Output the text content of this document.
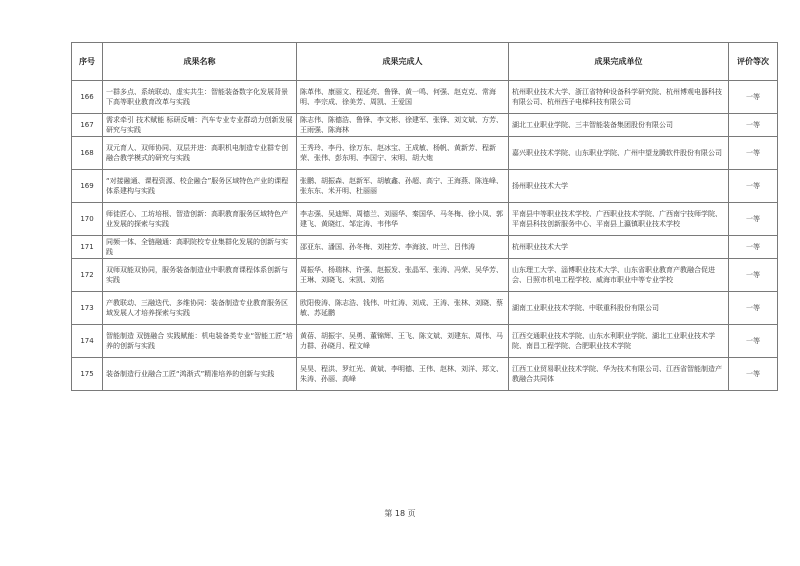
序号	成果名称	成果完成人	成果完成单位	评价等次
166	一群多点、系统联动、虚实共生：智能装备数字化发展背景下高等职业教育改革与实践	陈革伟、康丽文、程延亮、鲁锋、黄一鸣、何强、赵克克、常海明、李宗成、徐美芳、周凯、王爱国	杭州职业技术大学、浙江省特种设备科学研究院、杭州博观电器科技有限公司、杭州西子电梯科技有限公司	一等
167	需求牵引 技术赋能 标研反哺：汽车专业专业群动力创新发展研究与实践	陈志伟、陈德浩、鲁锋、李文彬、徐建军、张锋、刘文斌、方芳、王雨强、陈海林	湖北工业职业学院、三丰智能装备集团股份有限公司	一等
168	双元育人、双师协同、双层并进：高职机电制造专业群专创融合教学模式的研究与实践	王秀玲、李丹、徐万东、赵冰宝、王成敏、杨帆、黄新芳、程新荣、张伟、彭东明、李国宁、宋明、胡大炮	嘉兴职业技术学院、山东职业学院、广州中望龙腾软件股份有限公司	一等
169	“对接融通、课程资源、校企融合”服务区域特色产业的课程体系建构与实践	张鹏、胡振森、赵新军、胡敏鑫、孙超、高宁、王海燕、陈连峰、张东东、米开明、杜丽丽	扬州职业技术大学	一等
170	师徒匠心、工坊培根、智造创新：高职教育服务区域特色产业发展的探索与实践	李志强、吴迪辉、周德兰、刘丽华、秦国华、马冬梅、徐小凤、郭建飞、黄晓红、邹定涛、韦伟华	平南县中等职业技术学校、广西职业技术学院、广西南宁技师学院、平南县科技创新服务中心、平南县上瀛镇职业技术学校	一等
171	同频一体、全链融通：高职院校专业集群化发展的创新与实践	邵亚东、潘国、孙冬梅、刘桂芳、李海波、叶兰、吕伟涛	杭州职业技术大学	一等
172	双师双能双协同，服务装备制造业中职教育课程体系创新与实践	周振华、杨瑞林、许强、赵振发、张晶军、张涛、冯荣、吴华芳、王琳、刘晓飞、宋凯、刘铭	山东理工大学、淄博职业技术大学、山东省职业教育产教融合促进会、日照市机电工程学校、威海市职业中等专业学校	一等
173	产教联动、三融迭代、多维协同：装备制造专业教育服务区域发展人才培养探索与实践	欧阳俊涛、陈志浩、钱伟、叶红涛、刘成、王涛、张林、刘晓、蔡敏、苏延鹏	湖南工业职业技术学院、中联重科股份有限公司	一等
174	智能制造 双链融合 实践赋能：机电装备类专业“智能工匠”培养的创新与实践	黄蓓、胡振宇、吴勇、董锦辉、王飞、陈文斌、刘建东、周伟、马力群、孙晓月、程文峰	江西交通职业技术学院、山东水利职业学院、湖北工业职业技术学院、南昌工程学院、合肥职业技术学院	一等
175	装备制造行业融合工匠“鸿渐式”精准培养的创新与实践	吴昊、程洪、罗红光、黄斌、李明德、王伟、赵林、刘洋、郑文、朱涛、孙丽、高峰	江西工业贸易职业技术学院、华为技术有限公司、江西省智能制造产教融合共同体	一等
第 18 页
